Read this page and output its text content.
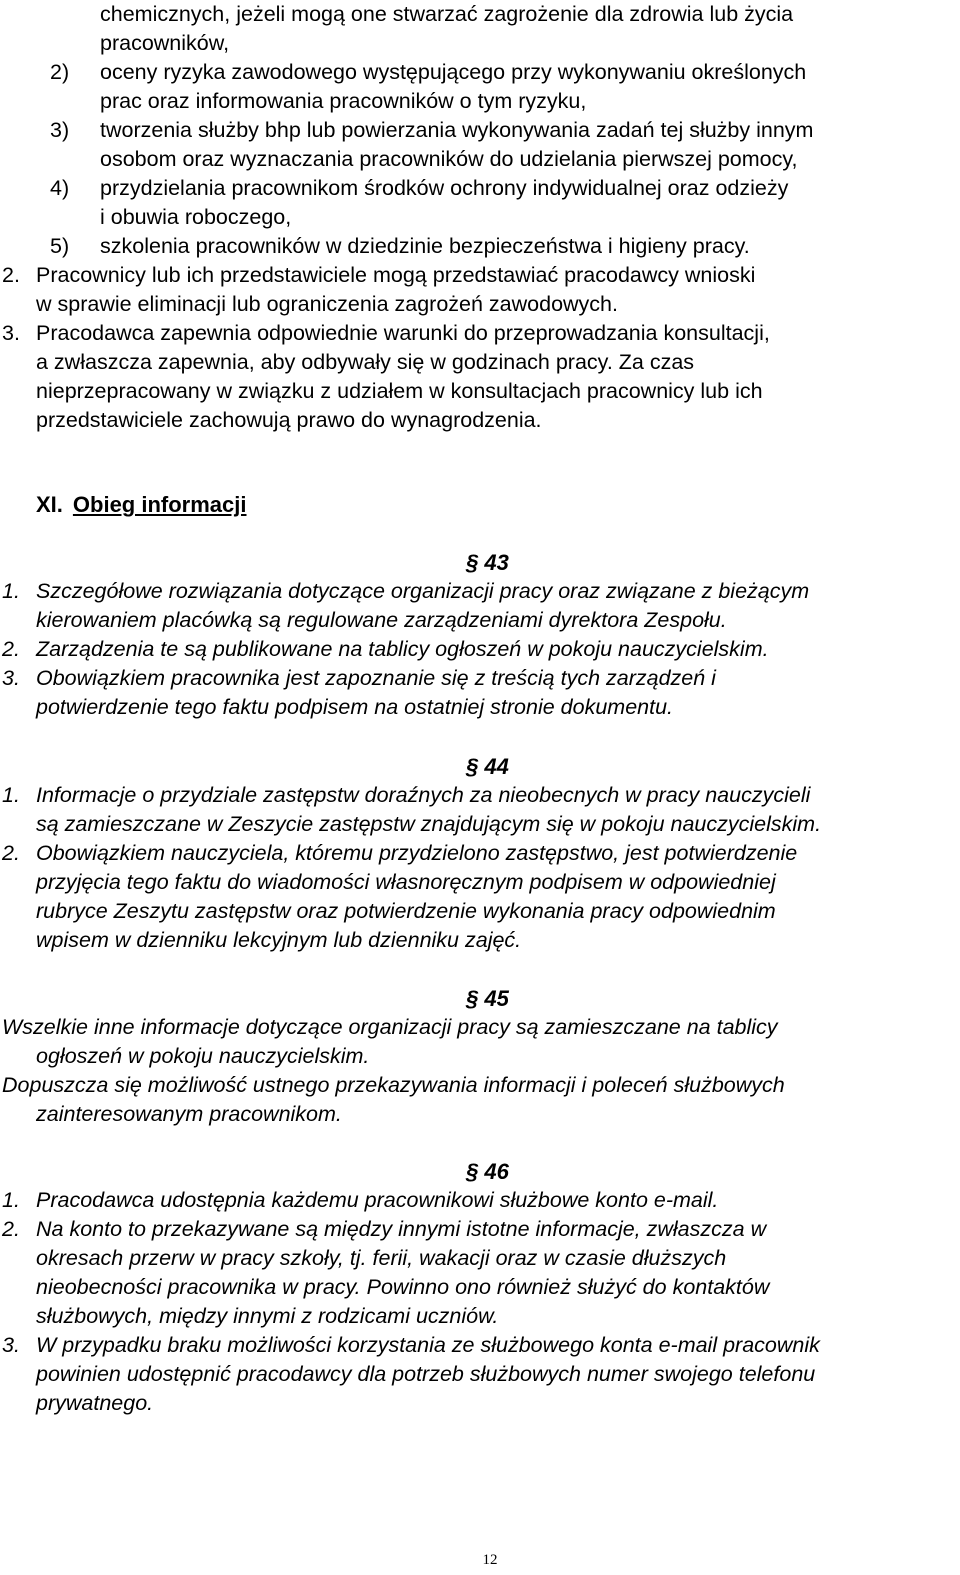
chemicznych, jeżeli mogą one stwarzać zagrożenie dla zdrowia lub życia
pracowników,
2) oceny ryzyka zawodowego występującego przy wykonywaniu określonych
prac oraz informowania pracowników o tym ryzyku,
3) tworzenia służby bhp lub powierzania wykonywania zadań tej służby innym
osobom oraz wyznaczania pracowników do udzielania pierwszej pomocy,
4) przydzielania pracownikom środków ochrony indywidualnej oraz odzieży
i obuwia roboczego,
5) szkolenia pracowników w dziedzinie bezpieczeństwa i higieny pracy.
2. Pracownicy lub ich przedstawiciele mogą przedstawiać pracodawcy wnioski
w sprawie eliminacji lub ograniczenia zagrożeń zawodowych.
3. Pracodawca zapewnia odpowiednie warunki do przeprowadzania konsultacji,
a zwłaszcza zapewnia, aby odbywały się w godzinach pracy. Za czas
nieprzepracowany w związku z udziałem w konsultacjach pracownicy lub ich
przedstawiciele zachowują prawo do wynagrodzenia.
XI. Obieg informacji
§ 43
1. Szczegółowe rozwiązania dotyczące organizacji pracy oraz związane z bieżącym
kierowaniem placówką są regulowane zarządzeniami dyrektora Zespołu.
2. Zarządzenia te są publikowane na tablicy ogłoszeń w pokoju nauczycielskim.
3. Obowiązkiem pracownika jest zapoznanie się z treścią tych zarządzeń i
potwierdzenie tego faktu podpisem na ostatniej stronie dokumentu.
§ 44
1. Informacje o przydziale zastępstw doraźnych za nieobecnych w pracy nauczycieli
są zamieszczane w Zeszycie zastępstw znajdującym się w pokoju nauczycielskim.
2. Obowiązkiem nauczyciela, któremu przydzielono zastępstwo, jest potwierdzenie
przyjęcia tego faktu do wiadomości własnoręcznym podpisem w odpowiedniej
rubryce Zeszytu zastępstw oraz potwierdzenie wykonania pracy odpowiednim
wpisem w dzienniku lekcyjnym lub dzienniku zajęć.
§ 45
Wszelkie inne informacje dotyczące organizacji pracy są zamieszczane na tablicy
ogłoszeń w pokoju nauczycielskim.
Dopuszcza się możliwość ustnego przekazywania informacji i poleceń służbowych
zainteresowanym pracownikom.
§ 46
1. Pracodawca udostępnia każdemu pracownikowi służbowe konto e-mail.
2. Na konto to przekazywane są między innymi istotne informacje, zwłaszcza w
okresach przerw w pracy szkoły, tj. ferii, wakacji oraz w czasie dłuższych
nieobecności pracownika w pracy. Powinno ono również służyć do kontaktów
służbowych, między innymi z rodzicami uczniów.
3. W przypadku braku możliwości korzystania ze służbowego konta e-mail pracownik
powinien udostępnić pracodawcy dla potrzeb służbowych numer swojego telefonu
prywatnego.
12
